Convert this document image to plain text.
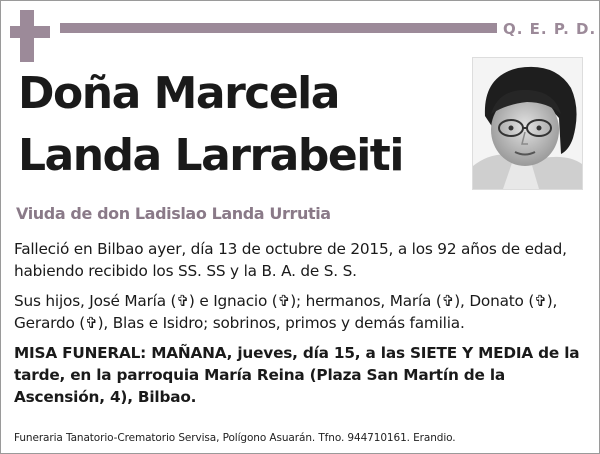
Q. E. P. D.
Doña Marcela
Landa Larrabeiti
Viuda de don Ladislao Landa Urrutia
Falleció en Bilbao ayer, día 13 de octubre de 2015, a los 92 años de edad, habiendo recibido los SS. SS y la B. A. de S. S.
Sus hijos, José María (✞) e Ignacio (✞); hermanos, María (✞), Donato (✞), Gerardo (✞), Blas e Isidro; sobrinos, primos y demás familia.
MISA FUNERAL: MAÑANA, jueves, día 15, a las SIETE Y MEDIA de la tarde, en la parroquia María Reina (Plaza San Martín de la Ascensión, 4), Bilbao.
Funeraria Tanatorio-Crematorio Servisa, Polígono Asuarán. Tfno. 944710161. Erandio.
